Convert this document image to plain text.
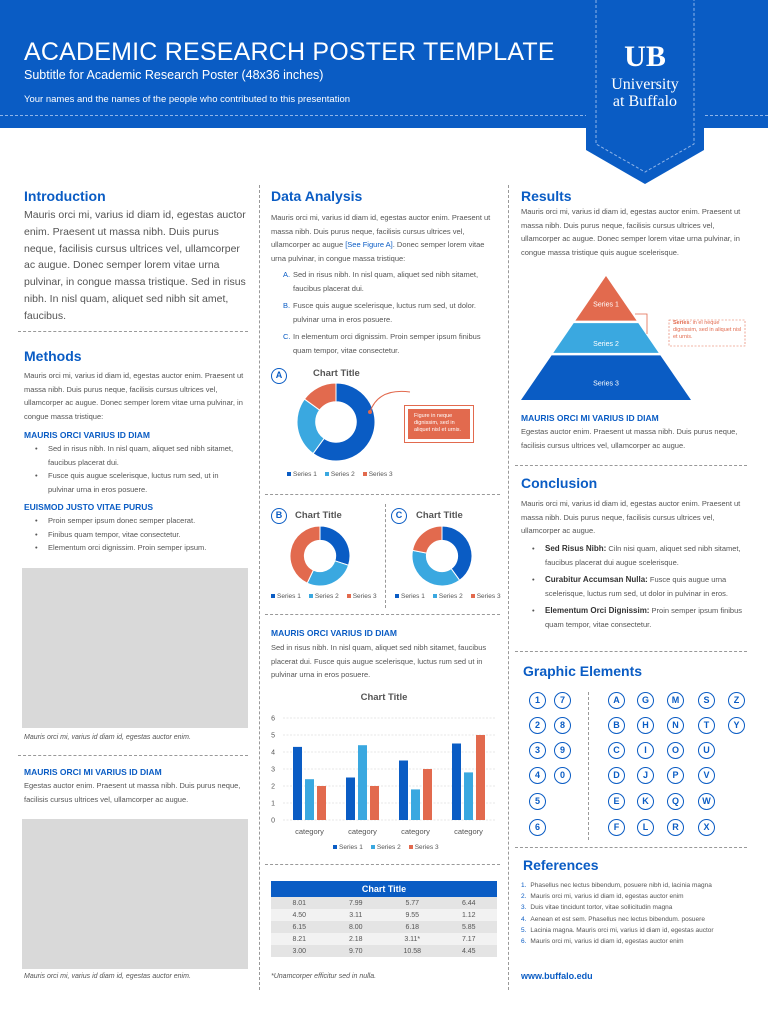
ACADEMIC RESEARCH POSTER TEMPLATE
Subtitle for Academic Research Poster (48x36 inches)
Your names and the names of the people who contributed to this presentation
UB
University
at Buffalo
Introduction
Mauris orci mi, varius id diam id, egestas auctor enim. Praesent ut massa nibh. Duis purus neque, facilisis cursus ultrices vel, ullamcorper ac augue. Donec semper lorem vitae urna pulvinar, in congue massa tristique. Sed in risus nibh. In nisl quam, aliquet sed nibh sit amet, faucibus.
Methods
Mauris orci mi, varius id diam id, egestas auctor enim. Praesent ut massa nibh. Duis purus neque, facilisis cursus ultrices vel, ullamcorper ac augue. Donec semper lorem vitae urna pulvinar, in congue massa tristique:
MAURIS ORCI VARIUS ID DIAM
• Sed in risus nibh. In nisl quam, aliquet sed nibh sitamet, faucibus placerat dui.
• Fusce quis augue scelerisque, luctus rum sed, ut in pulvinar urna in eros posuere.
EUISMOD JUSTO VITAE PURUS
• Proin semper ipsum donec semper placerat.
• Finibus quam tempor, vitae consectetur.
• Elementum orci dignissim. Proin semper ipsum.
Mauris orci mi, varius id diam id, egestas auctor enim.
MAURIS ORCI MI VARIUS ID DIAM
Egestas auctor enim. Praesent ut massa nibh. Duis purus neque, facilisis cursus ultrices vel, ullamcorper ac augue.
Mauris orci mi, varius id diam id, egestas auctor enim.
Data Analysis
Mauris orci mi, varius id diam id, egestas auctor enim. Praesent ut massa nibh. Duis purus neque, facilisis cursus ultrices vel, ullamcorper ac augue [See Figure A]. Donec semper lorem vitae urna pulvinar, in congue massa tristique:
A. Sed in risus nibh. In nisl quam, aliquet sed nibh sitamet, faucibus placerat dui.
B. Fusce quis augue scelerisque, luctus rum sed, ut dolor. pulvinar urna in eros posuere.
C. In elementum orci dignissim. Proin semper ipsum finibus quam tempor, vitae consectetur.
A	Chart Title
Figure in neque dignissim, sed in aliquet nisl et urnis.
Series 1	Series 2	Series 3
B	Chart Title
Series 1	Series 2	Series 3
C	Chart Title
Series 1	Series 2	Series 3
MAURIS ORCI VARIUS ID DIAM
Sed in risus nibh. In nisl quam, aliquet sed nibh sitamet, faucibus placerat dui. Fusce quis augue scelerisque, luctus rum sed ut in pulvinar urna in eros posuere.
Chart Title
0
1
2
3
4
5
6
category	category	category	category
Series 1	Series 2	Series 3
Chart Title			
8.01	7.99	5.77	6.44
4.50	3.11	9.55	1.12
6.15	8.00	6.18	5.85
8.21	2.18	3.11*	7.17
3.00	9.70	10.58	4.45
*Unamcorper efficitur sed in nulla.
Results
Mauris orci mi, varius id diam id, egestas auctor enim. Praesent ut massa nibh. Duis purus neque, facilisis cursus ultrices vel, ullamcorper ac augue. Donec semper lorem vitae urna pulvinar, in congue massa tristique quis augue scelerisque.
Series 1
Series 2
Series 3
Series: in el neque dignissim, sed in aliquet nisl et urnis.
MAURIS ORCI MI VARIUS ID DIAM
Egestas auctor enim. Praesent ut massa nibh. Duis purus neque, facilisis cursus ultrices vel, ullamcorper ac augue.
Conclusion
Mauris orci mi, varius id diam id, egestas auctor enim. Praesent ut massa nibh. Duis purus neque, facilisis cursus ultrices vel, ullamcorper ac augue.
• Sed Risus Nibh: Ciln nisi quam, aliquet sed nibh sitamet, faucibus placerat dui augue scelerisque.
• Curabitur Accumsan Nulla: Fusce quis augue urna scelerisque, luctus rum sed, ut dolor in pulvinar in eros.
• Elementum Orci Dignissim: Proin semper ipsum finibus quam tempor, vitae consectetur.
Graphic Elements
1	7
2	8
3	9
4	0
5
6
A	G	M	S	Z
B	H	N	T	Y
C	I	O	U
D	J	P	V
E	K	Q	W
F	L	R	X
References
1. Phasellus nec lectus bibendum, posuere nibh id, lacinia magna
2. Mauris orci mi, varius id diam id, egestas auctor enim
3. Duis vitae tincidunt tortor, vitae sollicitudin magna
4. Aenean et est sem. Phasellus nec lectus bibendum. posuere
5. Lacinia magna. Mauris orci mi, varius id diam id, egestas auctor
6. Mauris orci mi, varius id diam id, egestas auctor enim
www.buffalo.edu
